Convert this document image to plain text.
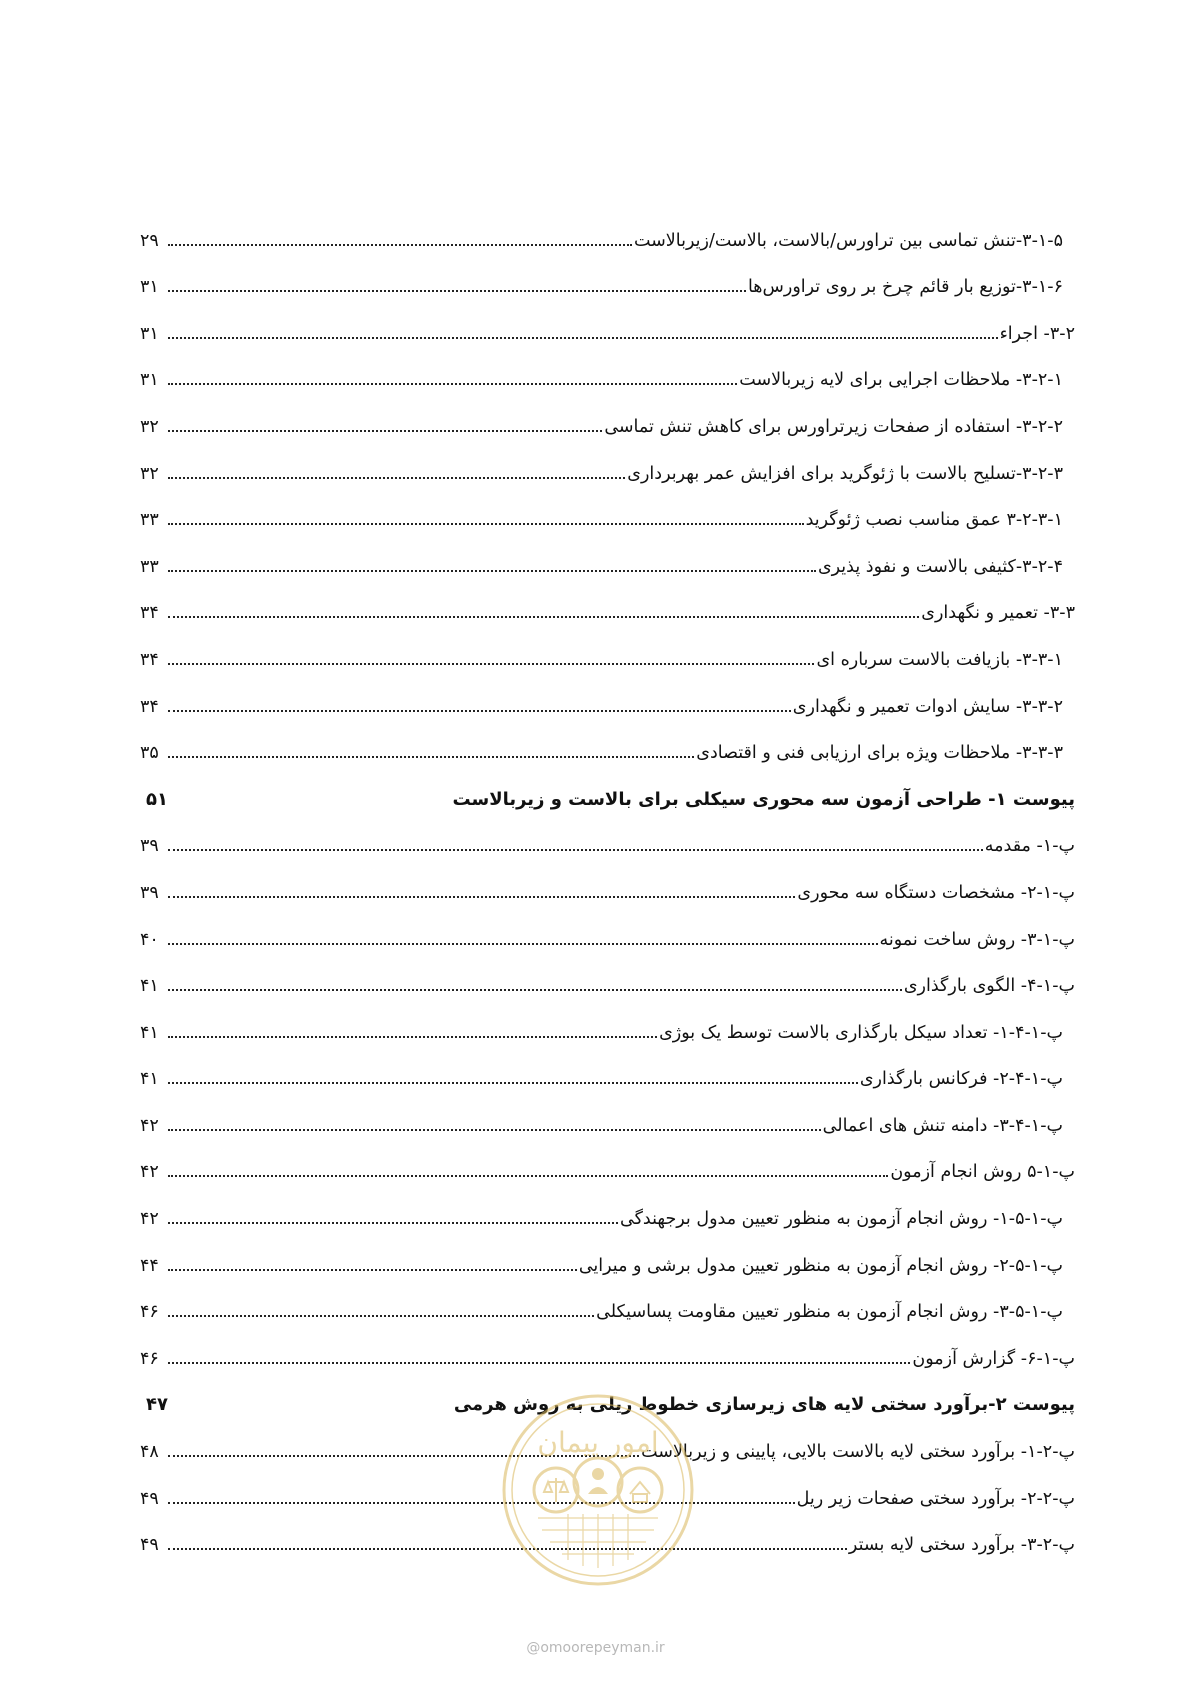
۳-۱-۵-تنش تماسی بین تراورس/بالاست، بالاست/زیربالاست
۲۹
۳-۱-۶-توزیع بار قائم چرخ بر روی تراورس‌ها
۳۱
۳-۲- اجراء
۳۱
۳-۲-۱- ملاحظات اجرایی برای لایه زیربالاست
۳۱
۳-۲-۲- استفاده از صفحات زیرتراورس برای کاهش تنش تماسی
۳۲
۳-۲-۳-تسلیح بالاست با ژئوگرید برای افزایش عمر بهربرداری
۳۲
۳-۲-۳-۱ عمق مناسب نصب ژئوگرید
۳۳
۳-۲-۴-کثیفی بالاست و نفوذ پذیری
۳۳
۳-۳- تعمیر و نگهداری
۳۴
۳-۳-۱- بازیافت بالاست سرباره ای
۳۴
۳-۳-۲- سایش ادوات تعمیر و نگهداری
۳۴
۳-۳-۳- ملاحظات ویژه برای ارزیابی فنی و اقتصادی
۳۵
پیوست ۱- طراحی آزمون سه محوری سیکلی برای بالاست و زیربالاست
۵۱
پ-۱- مقدمه
۳۹
پ-۱-۲- مشخصات دستگاه سه محوری
۳۹
پ-۱-۳- روش ساخت نمونه
۴۰
پ-۱-۴- الگوی بارگذاری
۴۱
پ-۱-۴-۱- تعداد سیکل بارگذاری بالاست توسط یک بوژی
۴۱
پ-۱-۴-۲- فرکانس بارگذاری
۴۱
پ-۱-۴-۳- دامنه تنش های اعمالی
۴۲
پ-۱-۵ روش انجام آزمون
۴۲
پ-۱-۵-۱- روش انجام آزمون به منظور تعیین مدول برجهندگی
۴۲
پ-۱-۵-۲- روش انجام آزمون به منظور تعیین مدول برشی و میرایی
۴۴
پ-۱-۵-۳- روش انجام آزمون به منظور تعیین مقاومت پساسیکلی
۴۶
پ-۱-۶- گزارش آزمون
۴۶
پیوست ۲-برآورد سختی لایه های زیرسازی خطوط ریلی به روش هرمی
۴۷
پ-۲-۱- برآورد سختی لایه بالاست بالایی، پایینی و زیربالاست
۴۸
پ-۲-۲- برآورد سختی صفحات زیر ریل
۴۹
پ-۲-۳- برآورد سختی لایه بستر
۴۹
امور پیمان
@omoorepeyman.ir
